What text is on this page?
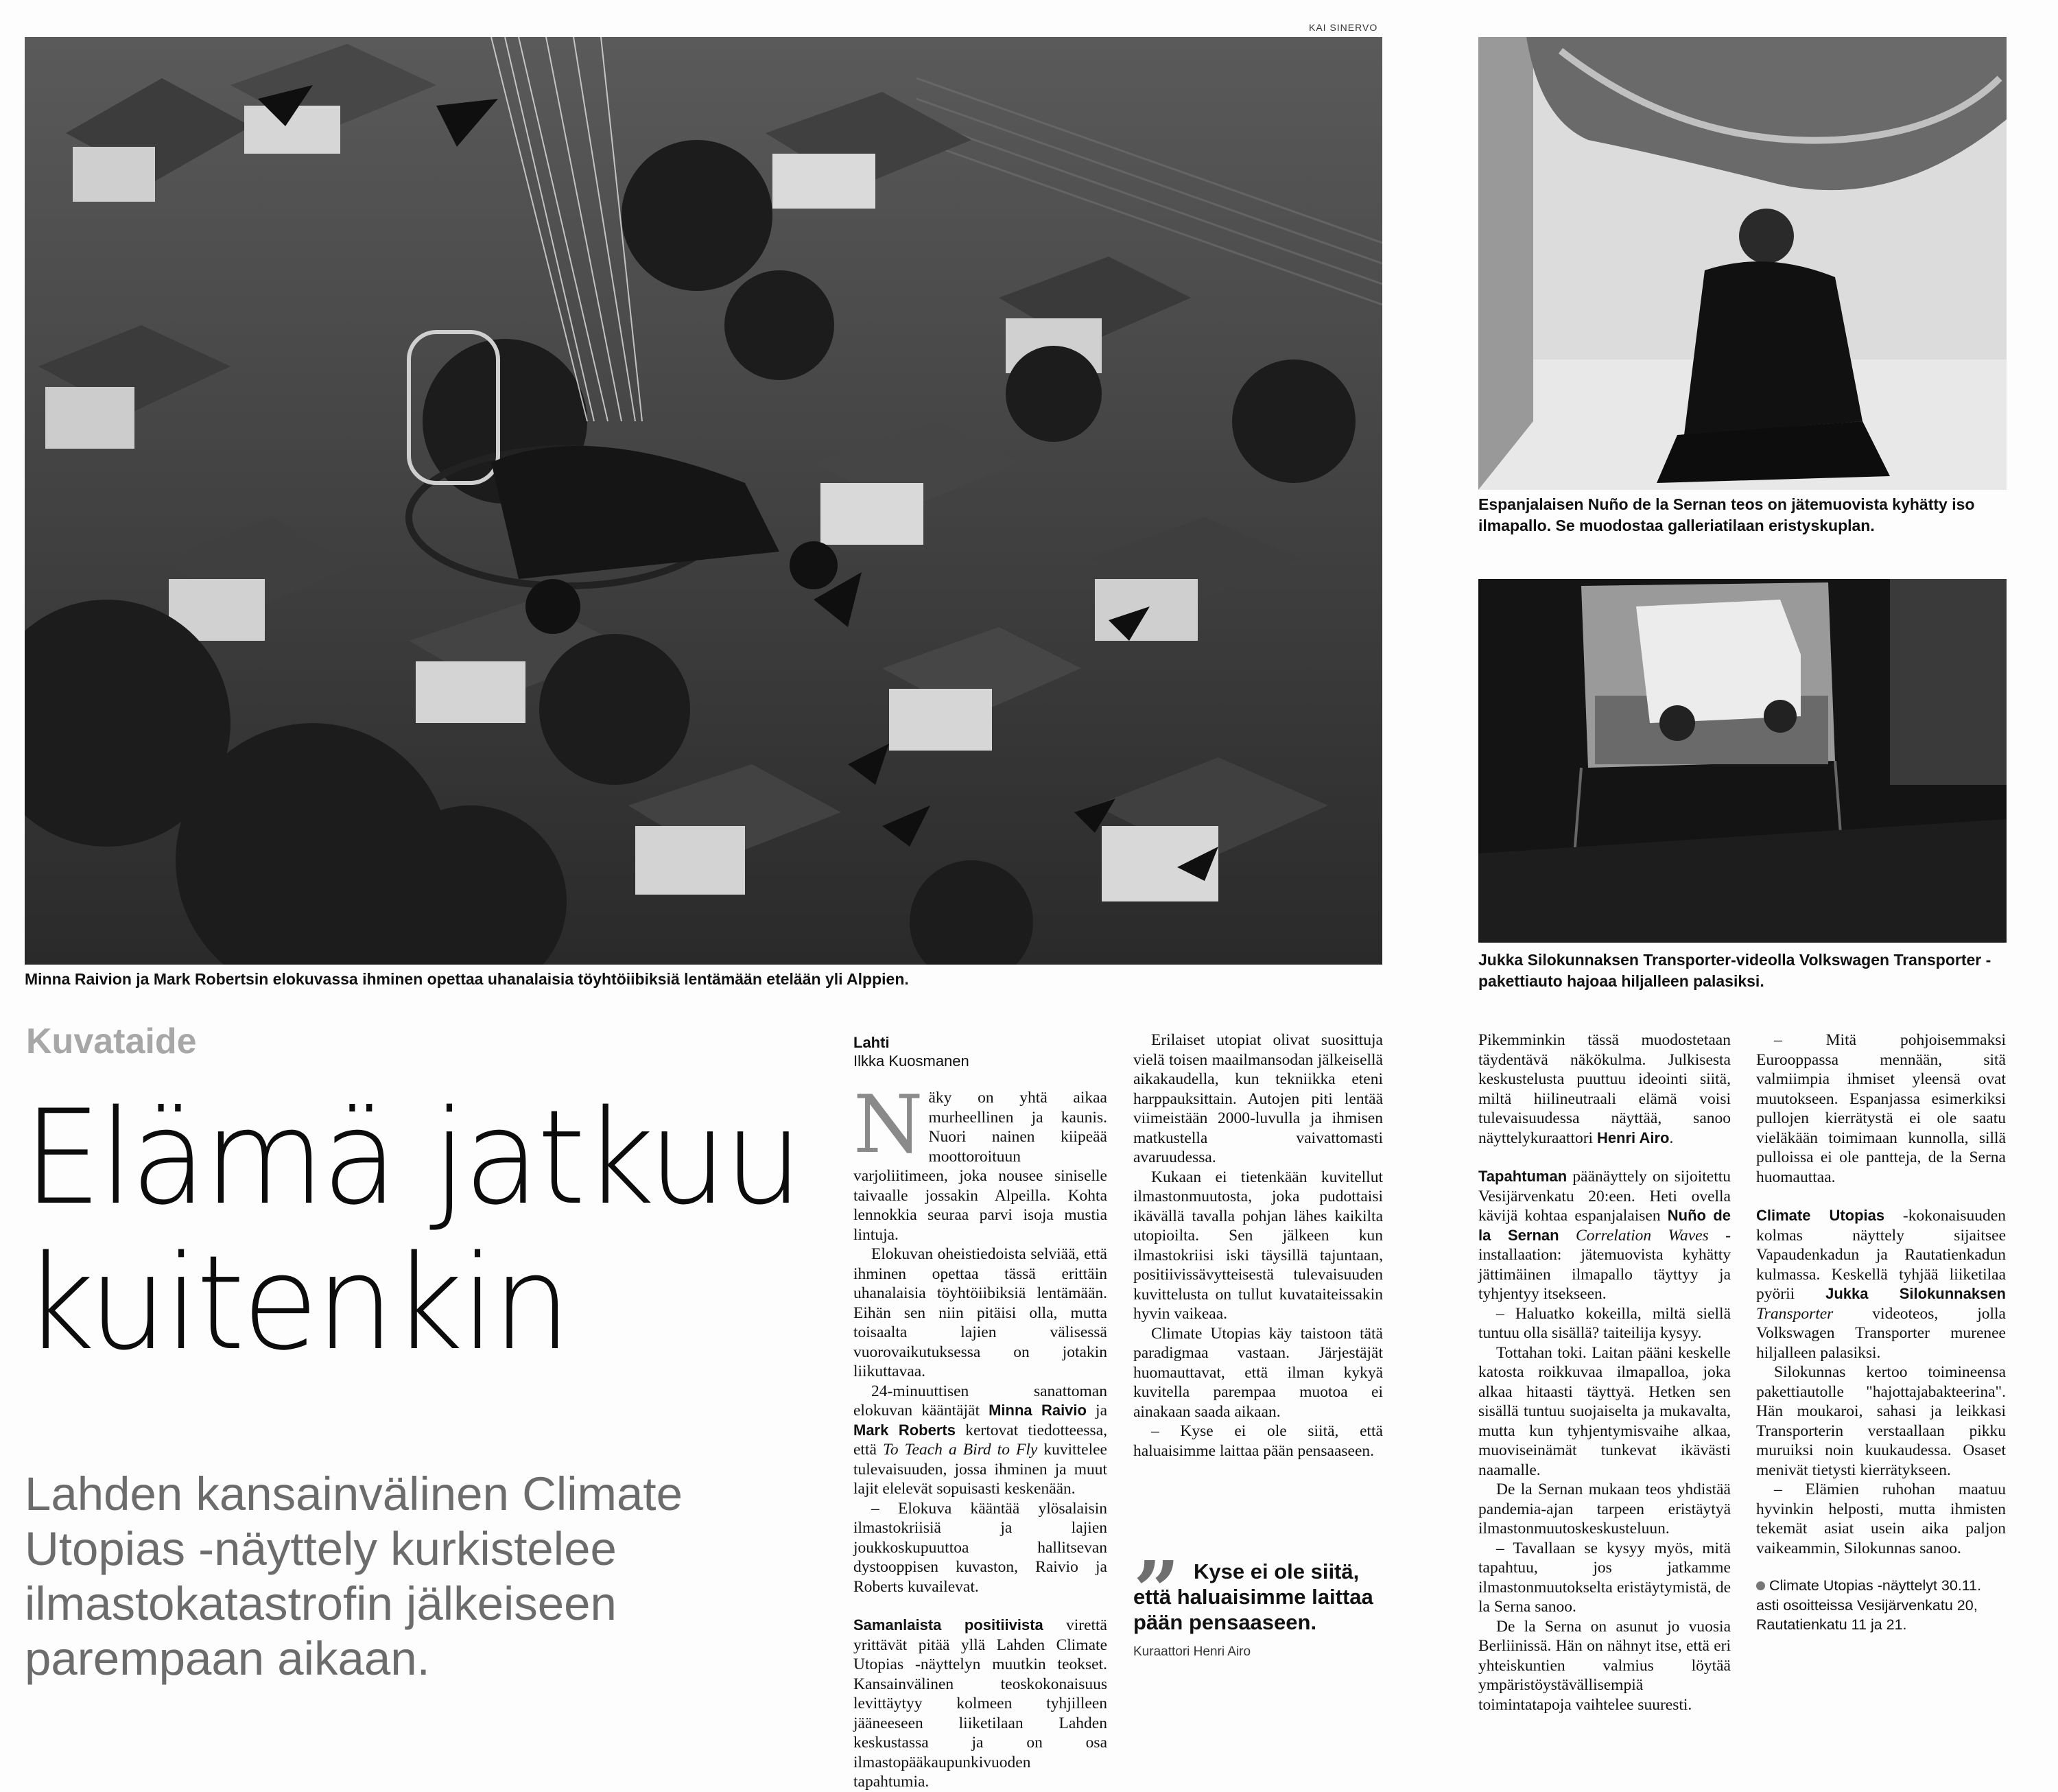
KAI SINERVO
Minna Raivion ja Mark Robertsin elokuvassa ihminen opettaa uhanalaisia töyhtöiibiksiä lentämään etelään yli Alppien.
Espanjalaisen Nuño de la Sernan teos on jätemuovista kyhätty iso ilmapallo. Se muodostaa galleriatilaan eristyskuplan.
Jukka Silokunnaksen Transporter-videolla Volkswagen Transporter -pakettiauto hajoaa hiljalleen palasiksi.
Kuvataide
Elämä jatkuu
kuitenkin
Lahden kansainvälinen Climate Utopias -näyttely kurkistelee ilmastokatastrofin jälkeiseen parempaan aikaan.
Lahti
Ilkka Kuosmanen

Näky on yhtä aikaa murheellinen ja kaunis. Nuori nainen kiipeää moottoroituun varjoliitimeen, joka nousee siniselle taivaalle jossakin Alpeilla. Kohta lennokkia seuraa parvi isoja mustia lintuja.

Elokuvan oheistiedoista selviää, että ihminen opettaa tässä erittäin uhanalaisia töyhtöiibiksiä lentämään. Eihän sen niin pitäisi olla, mutta toisaalta lajien välisessä vuorovaikutuksessa on jotakin liikuttavaa.

24-minuuttisen sanattoman elokuvan kääntäjät Minna Raivio ja Mark Roberts kertovat tiedotteessa, että To Teach a Bird to Fly kuvittelee tulevaisuuden, jossa ihminen ja muut lajit elelevät sopuisasti keskenään.

– Elokuva kääntää ylösalaisin ilmastokriisiä ja lajien joukkoskupuuttoa hallitsevan dystooppisen kuvaston, Raivio ja Roberts kuvailevat.

Samanlaista positiivista virettä yrittävät pitää yllä Lahden Climate Utopias -näyttelyn muutkin teokset. Kansainvälinen teoskokonaisuus levittäytyy kolmeen tyhjilleen jääneeseen liiketilaan Lahden keskustassa ja on osa ilmastopääkaupunkivuoden tapahtumia.

Erilaiset utopiat olivat suosittuja vielä toisen maailmansodan jälkeisellä aikakaudella, kun tekniikka eteni harppauksittain. Autojen piti lentää viimeistään 2000-luvulla ja ihmisen matkustella vaivattomasti avaruudessa.

Kukaan ei tietenkään kuvitellut ilmastonmuutosta, joka pudottaisi ikävällä tavalla pohjan lähes kaikilta utopioilta. Sen jälkeen kun ilmastokriisi iski täysillä tajuntaan, positiivissävytteisestä tulevaisuuden kuvittelusta on tullut kuvataiteissakin hyvin vaikeaa.

Climate Utopias käy taistoon tätä paradigmaa vastaan. Järjestäjät huomauttavat, että ilman kykyä kuvitella parempaa muotoa ei ainakaan saada aikaan.

– Kyse ei ole siitä, että haluaisimme laittaa pään pensaaseen.

” Kyse ei ole siitä, että haluaisimme laittaa pään pensaaseen.
Kuraattori Henri Airo

Pikemminkin tässä muodostetaan täydentävä näkökulma. Julkisesta keskustelusta puuttuu ideointi siitä, miltä hiilineutraali elämä voisi tulevaisuudessa näyttää, sanoo näyttelykuraattori Henri Airo.

Tapahtuman päänäyttely on sijoitettu Vesijärvenkatu 20:een. Heti ovella kävijä kohtaa espanjalaisen Nuño de la Sernan Correlation Waves -installaation: jätemuovista kyhätty jättimäinen ilmapallo täyttyy ja tyhjentyy itsekseen.

– Haluatko kokeilla, miltä siellä tuntuu olla sisällä? taiteilija kysyy.

Tottahan toki. Laitan pääni keskelle katosta roikkuvaa ilmapalloa, joka alkaa hitaasti täyttyä. Hetken sen sisällä tuntuu suojaiselta ja mukavalta, mutta kun tyhjentymisvaihe alkaa, muoviseinämät tunkevat ikävästi naamalle.

De la Sernan mukaan teos yhdistää pandemia-ajan tarpeen eristäytyä ilmastonmuutoskeskusteluun.

– Tavallaan se kysyy myös, mitä tapahtuu, jos jatkamme ilmastonmuutokselta eristäytymistä, de la Serna sanoo.

De la Serna on asunut jo vuosia Berliinissä. Hän on nähnyt itse, että eri yhteiskuntien valmius löytää ympäristöystävällisempiä toimintatapoja vaihtelee suuresti.

– Mitä pohjoisemmaksi Eurooppassa mennään, sitä valmiimpia ihmiset yleensä ovat muutokseen. Espanjassa esimerkiksi pullojen kierrätystä ei ole saatu vieläkään toimimaan kunnolla, sillä pulloissa ei ole pantteja, de la Serna huomauttaa.

Climate Utopias -kokonaisuuden kolmas näyttely sijaitsee Vapaudenkadun ja Rautatienkadun kulmassa. Keskellä tyhjää liiketilaa pyörii Jukka Silokunnaksen Transporter videoteos, jolla Volkswagen Transporter murenee hiljalleen palasiksi.

Silokunnas kertoo toimineensa pakettiautolle "hajottajabakteerina". Hän moukaroi, sahasi ja leikkasi Transporterin verstaallaan pikku muruiksi noin kuukaudessa. Osaset menivät tietysti kierrätykseen.

– Elämien ruhohan maatuu hyvinkin helposti, mutta ihmisten tekemät asiat usein aika paljon vaikeammin, Silokunnas sanoo.

Climate Utopias -näyttelyt 30.11. asti osoitteissa Vesijärvenkatu 20, Rautatienkatu 11 ja 21.
